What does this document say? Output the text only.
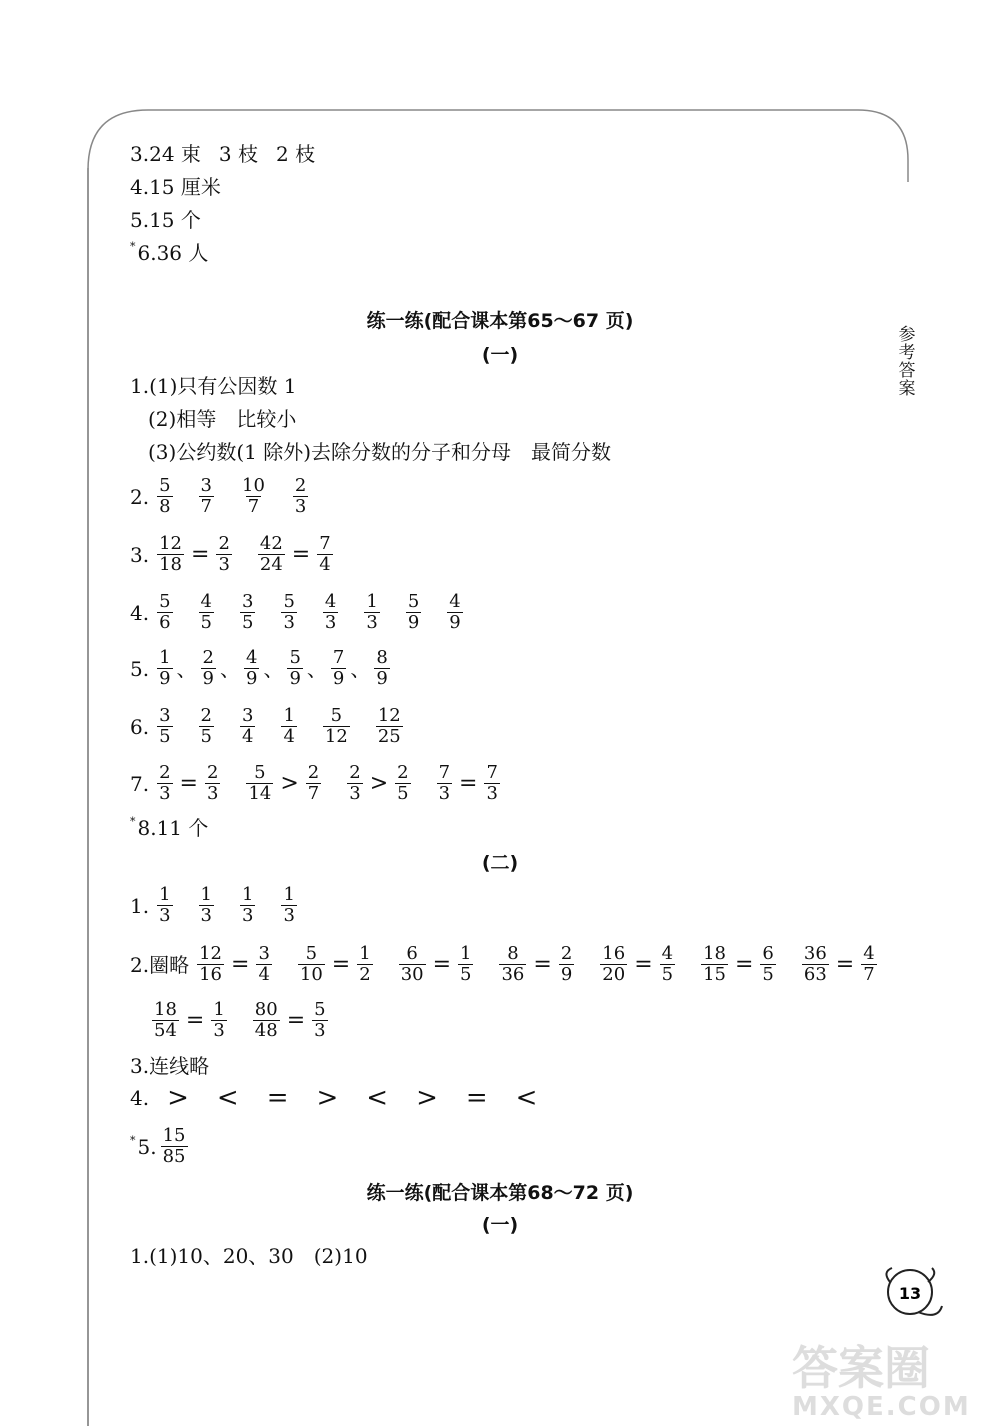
3. 24 束 3 枝 2 枝
4.15 厘米
5.15 个
* 6.36 人
参
考
答
案
练一练(配合课本第65～67 页)
(一)
1.(1)只有公因数 1
(2)相等　比较小
(3)公约数(1 除外)去除分数的分子和分母　最简分数
2. $\frac{5}{8} \frac{3}{7} \frac{10}{7} \frac{2}{3}$
3. $\frac{12}{18} = \frac{2}{3} \frac{42}{24} = \frac{7}{4}$
4. $\frac{5}{6} \frac{4}{5} \frac{3}{5} \frac{5}{3} \frac{4}{3} \frac{1}{3} \frac{5}{9} \frac{4}{9}$
5. $\frac{1}{9}$ 、 $\frac{2}{9}$ 、 $\frac{4}{9}$ 、 $\frac{5}{9}$ 、 $\frac{7}{9}$ 、 $\frac{8}{9}$
6. $\frac{3}{5} \frac{2}{5} \frac{3}{4} \frac{1}{4} \frac{5}{12} \frac{12}{25}$
7. $\frac{2}{3} = \frac{2}{3} \frac{5}{14} > \frac{2}{7} \frac{2}{3} > \frac{2}{5} \frac{7}{3} = \frac{7}{3}$
* 8.11 个
(二)
1. $\frac{1}{3} \frac{1}{3} \frac{1}{3} \frac{1}{3}$
2.圈略 $\frac{12}{16} = \frac{3}{4} \frac{5}{10} = \frac{1}{2} \frac{6}{30} = \frac{1}{5} \frac{8}{36} = \frac{2}{9} \frac{16}{20} = \frac{4}{5} \frac{18}{15} = \frac{6}{5} \frac{36}{63} = \frac{4}{7}$
$\frac{18}{54} = \frac{1}{3} \frac{80}{48} = \frac{5}{3}$
3.连线略
4. > < = > < > = <
* 5. $\frac{15}{85}$
练一练(配合课本第68～72 页)
(一)
1.(1)10、20、30　(2)10
13
答案圈
MXQE.COM
